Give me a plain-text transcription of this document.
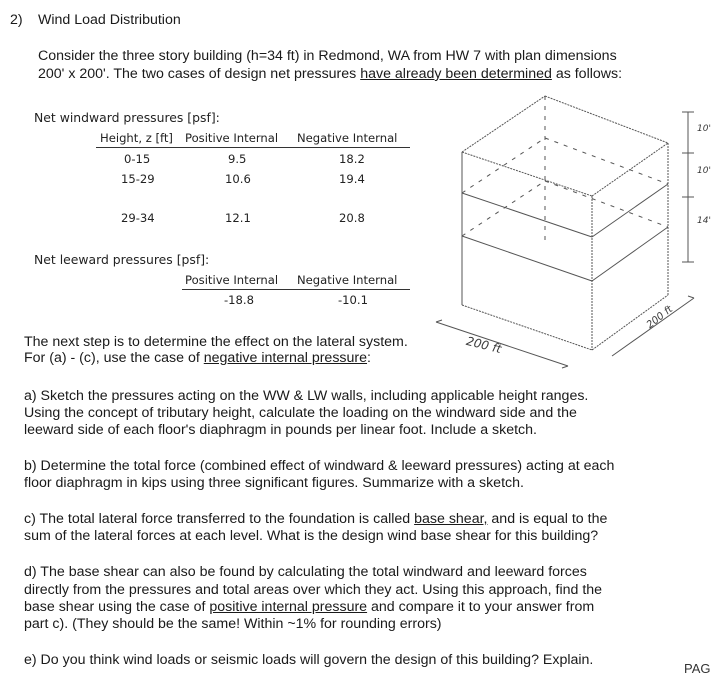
2) Wind Load Distribution
Consider the three story building (h=34 ft) in Redmond, WA from HW 7 with plan dimensions
200' x 200'. The two cases of design net pressures have already been determined as follows:
Net windward pressures [psf]:
Height, z [ft] Positive Internal Negative Internal
0-15	9.5	18.2
15-29	10.6	19.4
29-34	12.1	20.8
Net leeward pressures [psf]:
Positive Internal Negative Internal
-18.8	-10.1
200 ft
200 ft
10'
10'
14'
The next step is to determine the effect on the lateral system.
For (a) - (c), use the case of negative internal pressure:
a) Sketch the pressures acting on the WW & LW walls, including applicable height ranges.
Using the concept of tributary height, calculate the loading on the windward side and the
leeward side of each floor's diaphragm in pounds per linear foot. Include a sketch.
b) Determine the total force (combined effect of windward & leeward pressures) acting at each
floor diaphragm in kips using three significant figures. Summarize with a sketch.
c) The total lateral force transferred to the foundation is called base shear, and is equal to the
sum of the lateral forces at each level. What is the design wind base shear for this building?
d) The base shear can also be found by calculating the total windward and leeward forces
directly from the pressures and total areas over which they act. Using this approach, find the
base shear using the case of positive internal pressure and compare it to your answer from
part c). (They should be the same! Within ~1% for rounding errors)
e) Do you think wind loads or seismic loads will govern the design of this building? Explain.
PAG
